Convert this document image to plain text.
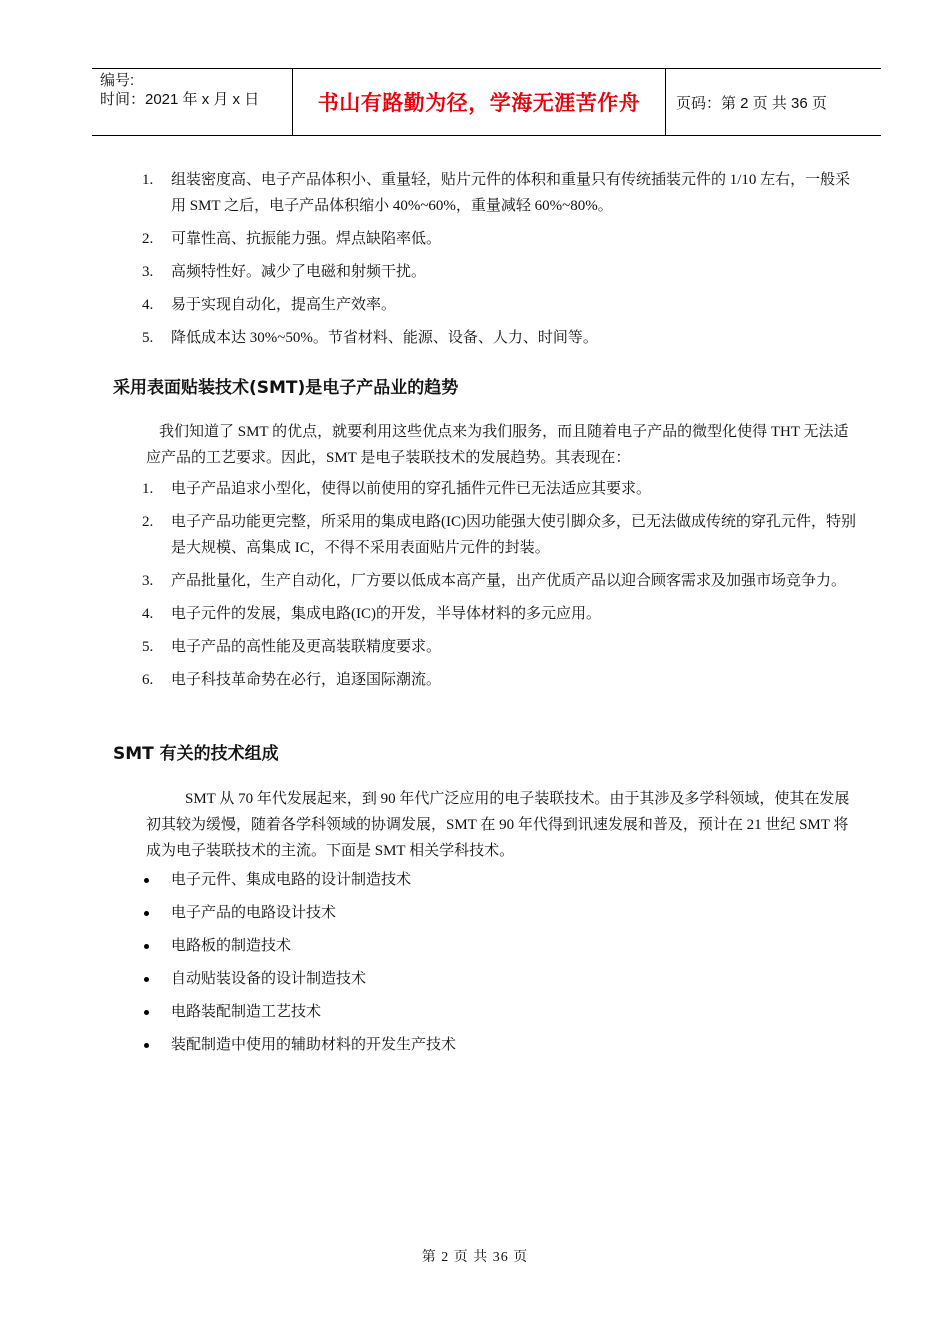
编号:
时间：2021 年 x 月 x 日	书山有路勤为径，学海无涯苦作舟	页码：第 2 页 共 36 页
1. 组装密度高、电子产品体积小、重量轻，贴片元件的体积和重量只有传统插装元件的 1/10 左右，一般采用 SMT 之后，电子产品体积缩小 40%~60%，重量减轻 60%~80%。
2. 可靠性高、抗振能力强。焊点缺陷率低。
3. 高频特性好。减少了电磁和射频干扰。
4. 易于实现自动化，提高生产效率。
5. 降低成本达 30%~50%。节省材料、能源、设备、人力、时间等。
采用表面贴装技术(SMT)是电子产品业的趋势

我们知道了 SMT 的优点，就要利用这些优点来为我们服务，而且随着电子产品的微型化使得 THT 无法适应产品的工艺要求。因此，SMT 是电子装联技术的发展趋势。其表现在：

1. 电子产品追求小型化，使得以前使用的穿孔插件元件已无法适应其要求。
2. 电子产品功能更完整，所采用的集成电路(IC)因功能强大使引脚众多，已无法做成传统的穿孔元件，特别是大规模、高集成 IC，不得不采用表面贴片元件的封装。
3. 产品批量化，生产自动化，厂方要以低成本高产量，出产优质产品以迎合顾客需求及加强市场竞争力。
4. 电子元件的发展，集成电路(IC)的开发，半导体材料的多元应用。
5. 电子产品的高性能及更高装联精度要求。
6. 电子科技革命势在必行，追逐国际潮流。
SMT 有关的技术组成

SMT 从 70 年代发展起来，到 90 年代广泛应用的电子装联技术。由于其涉及多学科领域，使其在发展初其较为缓慢，随着各学科领域的协调发展，SMT 在 90 年代得到讯速发展和普及，预计在 21 世纪 SMT 将成为电子装联技术的主流。下面是 SMT 相关学科技术。

电子元件、集成电路的设计制造技术
电子产品的电路设计技术
电路板的制造技术
自动贴装设备的设计制造技术
电路装配制造工艺技术
装配制造中使用的辅助材料的开发生产技术
第 2 页 共 36 页
